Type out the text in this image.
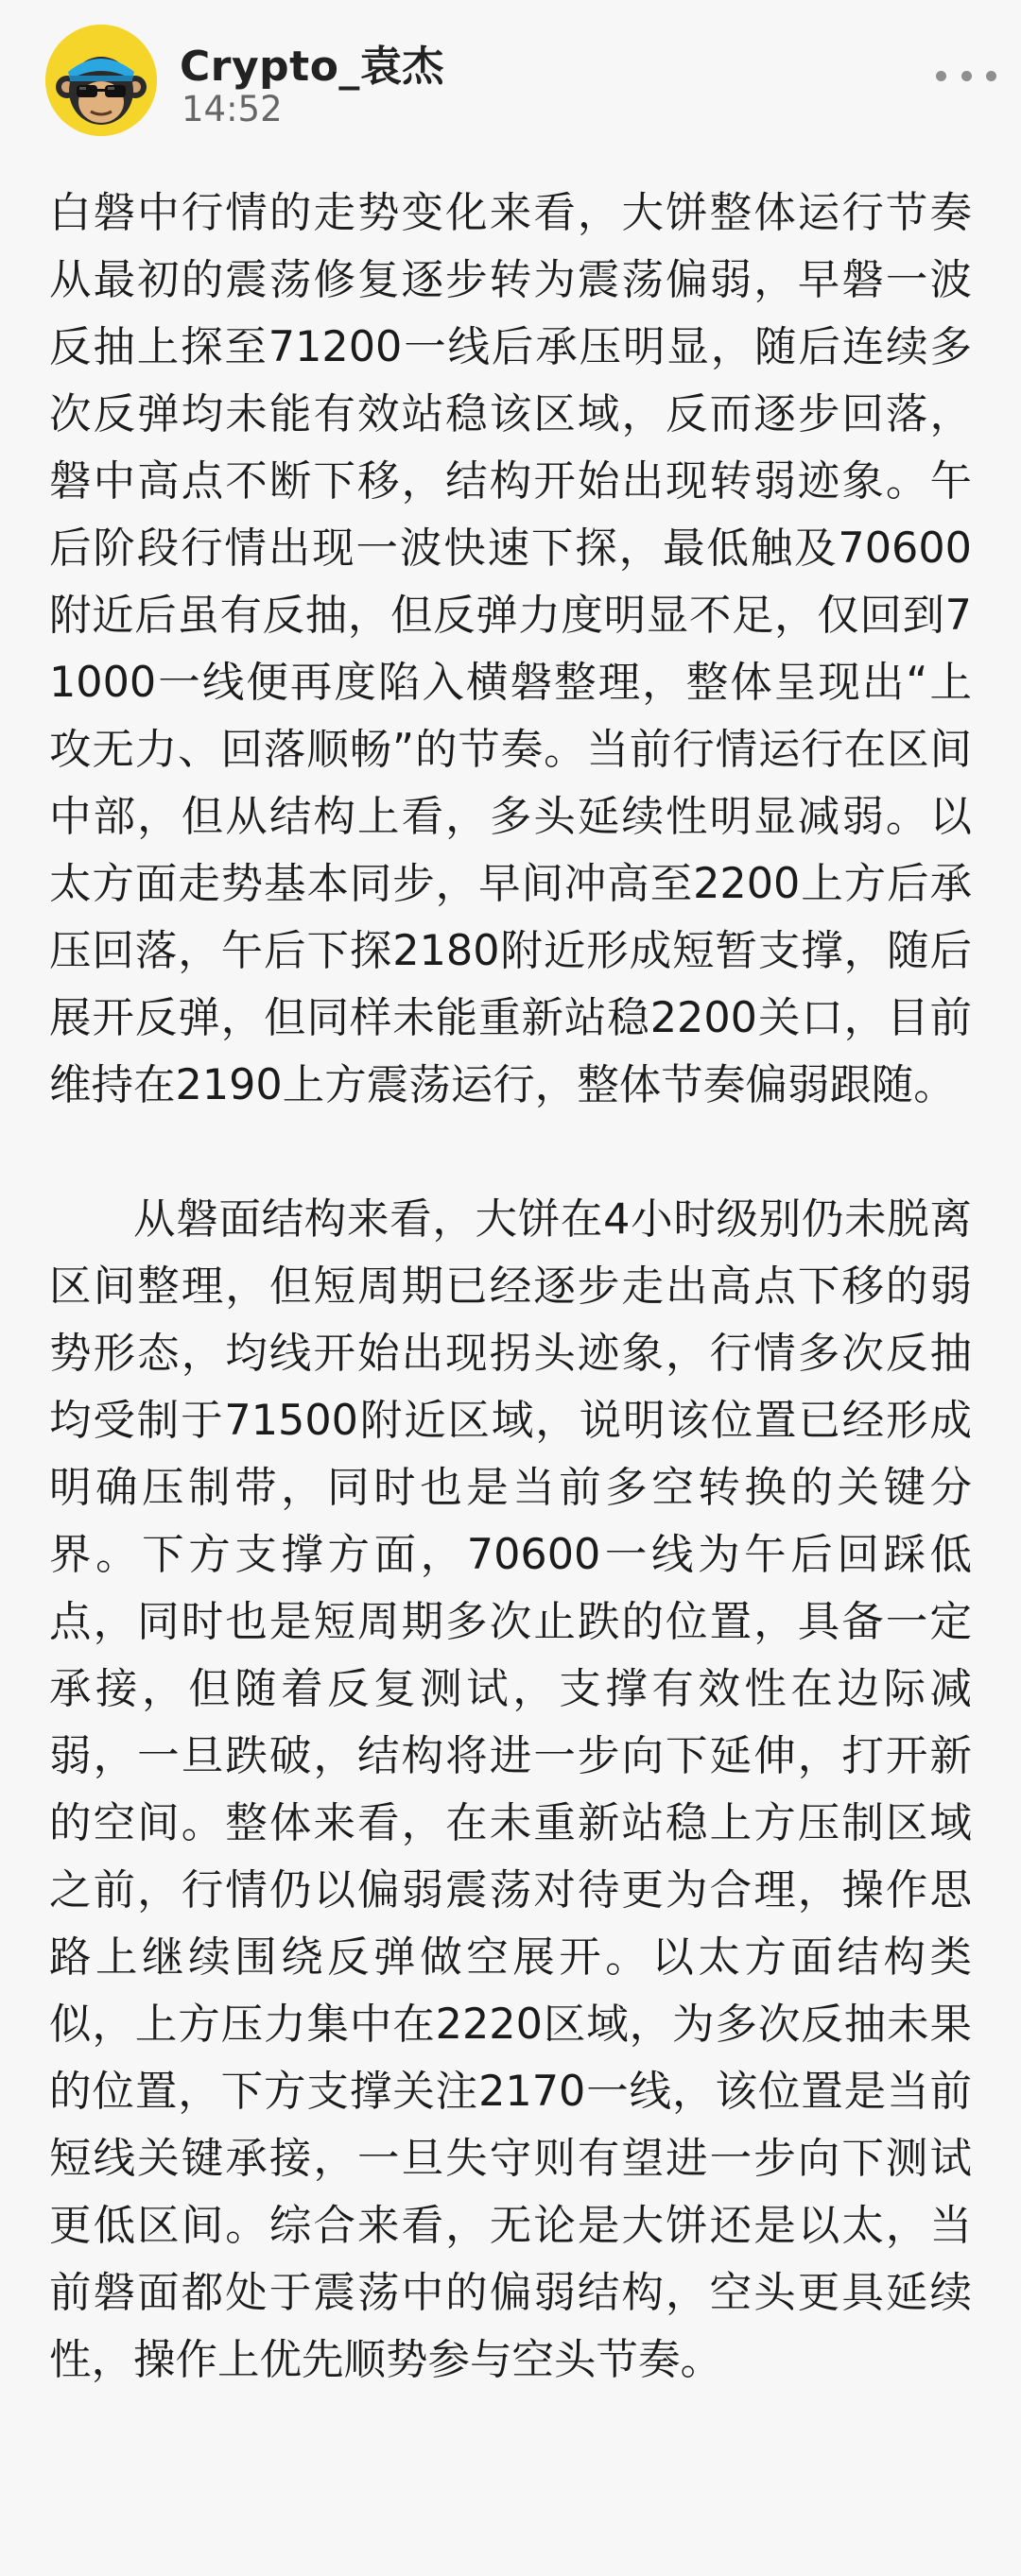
Crypto_袁杰
14:52

白磐中行情的走势变化来看，大饼整体运行节奏从最初的震荡修复逐步转为震荡偏弱，早磐一波反抽上探至71200一线后承压明显，随后连续多次反弹均未能有效站稳该区域，反而逐步回落，磐中高点不断下移，结构开始出现转弱迹象。午后阶段行情出现一波快速下探，最低触及70600附近后虽有反抽，但反弹力度明显不足，仅回到71000一线便再度陷入横磐整理，整体呈现出“上攻无力、回落顺畅”的节奏。当前行情运行在区间中部，但从结构上看，多头延续性明显减弱。以太方面走势基本同步，早间冲高至2200上方后承压回落，午后下探2180附近形成短暂支撑，随后展开反弹，但同样未能重新站稳2200关口，目前维持在2190上方震荡运行，整体节奏偏弱跟随。

从磐面结构来看，大饼在4小时级别仍未脱离区间整理，但短周期已经逐步走出高点下移的弱势形态，均线开始出现拐头迹象，行情多次反抽均受制于71500附近区域，说明该位置已经形成明确压制带，同时也是当前多空转换的关键分界。下方支撑方面，70600一线为午后回踩低点，同时也是短周期多次止跌的位置，具备一定承接，但随着反复测试，支撑有效性在边际减弱，一旦跌破，结构将进一步向下延伸，打开新的空间。整体来看，在未重新站稳上方压制区域之前，行情仍以偏弱震荡对待更为合理，操作思路上继续围绕反弹做空展开。以太方面结构类似，上方压力集中在2220区域，为多次反抽未果的位置，下方支撑关注2170一线，该位置是当前短线关键承接，一旦失守则有望进一步向下测试更低区间。综合来看，无论是大饼还是以太，当前磐面都处于震荡中的偏弱结构，空头更具延续性，操作上优先顺势参与空头节奏。
